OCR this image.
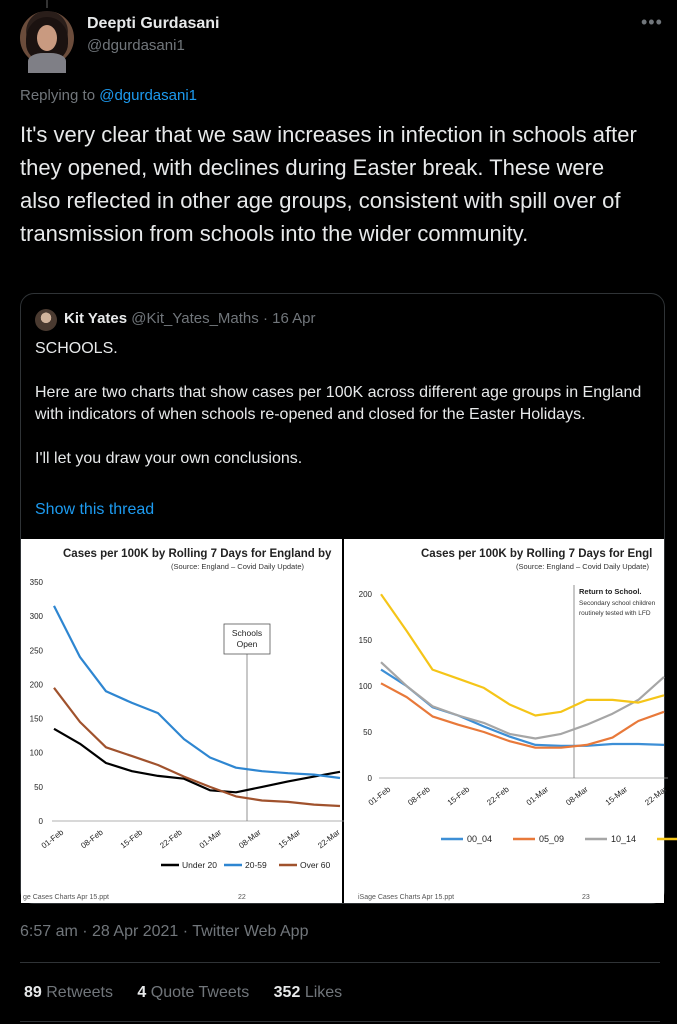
Deepti Gurdasani
@dgurdasani1
•••
Replying to @dgurdasani1
It's very clear that we saw increases in infection in schools after they opened, with declines during Easter break. These were also reflected in other age groups, consistent with spill over of transmission from schools into the wider community.
Kit Yates @Kit_Yates_Maths · 16 Apr

SCHOOLS.

Here are two charts that show cases per 100K across different age groups in England with indicators of when schools re-opened and closed for the Easter Holidays.

I'll let you draw your own conclusions.

Show this thread
Cases per 100K by Rolling 7 Days for England by
(Source: England – Covid Daily Update)
ge Cases Charts Apr 15.ppt	22
0
50
100
150
200
250
300
350
01-Feb 08-Feb 15-Feb 22-Feb 01-Mar 08-Mar 15-Mar 22-Mar
Schools
Open
Under 20	20-59	Over 60
Cases per 100K by Rolling 7 Days for Engl
(Source: England – Covid Daily Update)
iSage Cases Charts Apr 15.ppt	23
0
50
100
150
200
01-Feb 08-Feb 15-Feb 22-Feb 01-Mar 08-Mar 15-Mar 22-Mar
Return to School.
Secondary school children
routinely tested with LFD
00_04	05_09	10_14
6:57 am · 28 Apr 2021 · Twitter Web App
89 Retweets 4 Quote Tweets 352 Likes
